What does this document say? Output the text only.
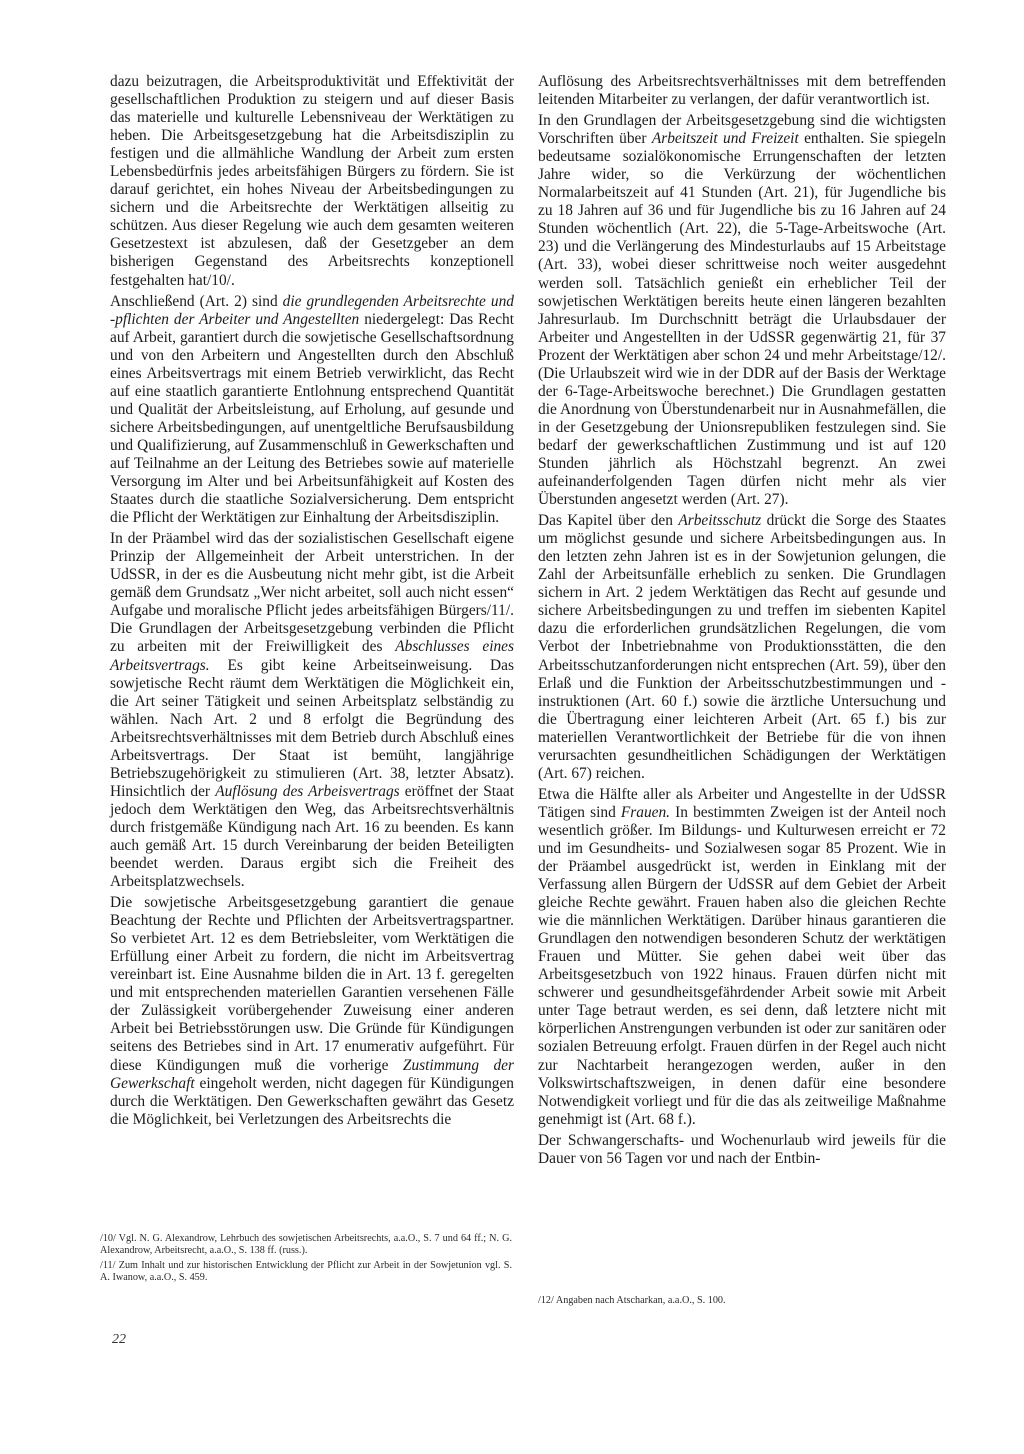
dazu beizutragen, die Arbeitsproduktivität und Effektivität der gesellschaftlichen Produktion zu steigern und auf dieser Basis das materielle und kulturelle Lebensniveau der Werktätigen zu heben. Die Arbeitsgesetzgebung hat die Arbeitsdisziplin zu festigen und die allmähliche Wandlung der Arbeit zum ersten Lebensbedürfnis jedes arbeitsfähigen Bürgers zu fördern. Sie ist darauf gerichtet, ein hohes Niveau der Arbeitsbedingungen zu sichern und die Arbeitsrechte der Werktätigen allseitig zu schützen. Aus dieser Regelung wie auch dem gesamten weiteren Gesetzestext ist abzulesen, daß der Gesetzgeber an dem bisherigen Gegenstand des Arbeitsrechts konzeptionell festgehalten hat/10/.

Anschließend (Art. 2) sind die grundlegenden Arbeitsrechte und -pflichten der Arbeiter und Angestellten niedergelegt: Das Recht auf Arbeit, garantiert durch die sowjetische Gesellschaftsordnung und von den Arbeitern und Angestellten durch den Abschluß eines Arbeitsvertrags mit einem Betrieb verwirklicht, das Recht auf eine staatlich garantierte Entlohnung entsprechend Quantität und Qualität der Arbeitsleistung, auf Erholung, auf gesunde und sichere Arbeitsbedingungen, auf unentgeltliche Berufsausbildung und Qualifizierung, auf Zusammenschluß in Gewerkschaften und auf Teilnahme an der Leitung des Betriebes sowie auf materielle Versorgung im Alter und bei Arbeitsunfähigkeit auf Kosten des Staates durch die staatliche Sozialversicherung. Dem entspricht die Pflicht der Werktätigen zur Einhaltung der Arbeitsdisziplin.

In der Präambel wird das der sozialistischen Gesellschaft eigene Prinzip der Allgemeinheit der Arbeit unterstrichen. In der UdSSR, in der es die Ausbeutung nicht mehr gibt, ist die Arbeit gemäß dem Grundsatz „Wer nicht arbeitet, soll auch nicht essen“ Aufgabe und moralische Pflicht jedes arbeitsfähigen Bürgers/11/. Die Grundlagen der Arbeitsgesetzgebung verbinden die Pflicht zu arbeiten mit der Freiwilligkeit des Abschlusses eines Arbeitsvertrags. Es gibt keine Arbeitseinweisung. Das sowjetische Recht räumt dem Werktätigen die Möglichkeit ein, die Art seiner Tätigkeit und seinen Arbeitsplatz selbständig zu wählen. Nach Art. 2 und 8 erfolgt die Begründung des Arbeitsrechtsverhältnisses mit dem Betrieb durch Abschluß eines Arbeitsvertrags. Der Staat ist bemüht, langjährige Betriebszugehörigkeit zu stimulieren (Art. 38, letzter Absatz). Hinsichtlich der Auflösung des Arbeisvertrags eröffnet der Staat jedoch dem Werktätigen den Weg, das Arbeitsrechtsverhältnis durch fristgemäße Kündigung nach Art. 16 zu beenden. Es kann auch gemäß Art. 15 durch Vereinbarung der beiden Beteiligten beendet werden. Daraus ergibt sich die Freiheit des Arbeitsplatzwechsels.

Die sowjetische Arbeitsgesetzgebung garantiert die genaue Beachtung der Rechte und Pflichten der Arbeitsvertragspartner. So verbietet Art. 12 es dem Betriebsleiter, vom Werktätigen die Erfüllung einer Arbeit zu fordern, die nicht im Arbeitsvertrag vereinbart ist. Eine Ausnahme bilden die in Art. 13 f. geregelten und mit entsprechenden materiellen Garantien versehenen Fälle der Zulässigkeit vorübergehender Zuweisung einer anderen Arbeit bei Betriebsstörungen usw. Die Gründe für Kündigungen seitens des Betriebes sind in Art. 17 enumerativ aufgeführt. Für diese Kündigungen muß die vorherige Zustimmung der Gewerkschaft eingeholt werden, nicht dagegen für Kündigungen durch die Werktätigen. Den Gewerkschaften gewährt das Gesetz die Möglichkeit, bei Verletzungen des Arbeitsrechts die

Auflösung des Arbeitsrechtsverhältnisses mit dem betreffenden leitenden Mitarbeiter zu verlangen, der dafür verantwortlich ist.

In den Grundlagen der Arbeitsgesetzgebung sind die wichtigsten Vorschriften über Arbeitszeit und Freizeit enthalten. Sie spiegeln bedeutsame sozialökonomische Errungenschaften der letzten Jahre wider, so die Verkürzung der wöchentlichen Normalarbeitszeit auf 41 Stunden (Art. 21), für Jugendliche bis zu 18 Jahren auf 36 und für Jugendliche bis zu 16 Jahren auf 24 Stunden wöchentlich (Art. 22), die 5-Tage-Arbeitswoche (Art. 23) und die Verlängerung des Mindesturlaubs auf 15 Arbeitstage (Art. 33), wobei dieser schrittweise noch weiter ausgedehnt werden soll. Tatsächlich genießt ein erheblicher Teil der sowjetischen Werktätigen bereits heute einen längeren bezahlten Jahresurlaub. Im Durchschnitt beträgt die Urlaubsdauer der Arbeiter und Angestellten in der UdSSR gegenwärtig 21, für 37 Prozent der Werktätigen aber schon 24 und mehr Arbeitstage/12/. (Die Urlaubszeit wird wie in der DDR auf der Basis der Werktage der 6-Tage-Arbeitswoche berechnet.) Die Grundlagen gestatten die Anordnung von Überstundenarbeit nur in Ausnahmefällen, die in der Gesetzgebung der Unionsrepubliken festzulegen sind. Sie bedarf der gewerkschaftlichen Zustimmung und ist auf 120 Stunden jährlich als Höchstzahl begrenzt. An zwei aufeinanderfolgenden Tagen dürfen nicht mehr als vier Überstunden angesetzt werden (Art. 27).

Das Kapitel über den Arbeitsschutz drückt die Sorge des Staates um möglichst gesunde und sichere Arbeitsbedingungen aus. In den letzten zehn Jahren ist es in der Sowjetunion gelungen, die Zahl der Arbeitsunfälle erheblich zu senken. Die Grundlagen sichern in Art. 2 jedem Werktätigen das Recht auf gesunde und sichere Arbeitsbedingungen zu und treffen im siebenten Kapitel dazu die erforderlichen grundsätzlichen Regelungen, die vom Verbot der Inbetriebnahme von Produktionsstätten, die den Arbeitsschutzanforderungen nicht entsprechen (Art. 59), über den Erlaß und die Funktion der Arbeitsschutzbestimmungen und -instruktionen (Art. 60 f.) sowie die ärztliche Untersuchung und die Übertragung einer leichteren Arbeit (Art. 65 f.) bis zur materiellen Verantwortlichkeit der Betriebe für die von ihnen verursachten gesundheitlichen Schädigungen der Werktätigen (Art. 67) reichen.

Etwa die Hälfte aller als Arbeiter und Angestellte in der UdSSR Tätigen sind Frauen. In bestimmten Zweigen ist der Anteil noch wesentlich größer. Im Bildungs- und Kulturwesen erreicht er 72 und im Gesundheits- und Sozialwesen sogar 85 Prozent. Wie in der Präambel ausgedrückt ist, werden in Einklang mit der Verfassung allen Bürgern der UdSSR auf dem Gebiet der Arbeit gleiche Rechte gewährt. Frauen haben also die gleichen Rechte wie die männlichen Werktätigen. Darüber hinaus garantieren die Grundlagen den notwendigen besonderen Schutz der werktätigen Frauen und Mütter. Sie gehen dabei weit über das Arbeitsgesetzbuch von 1922 hinaus. Frauen dürfen nicht mit schwerer und gesundheitsgefährdender Arbeit sowie mit Arbeit unter Tage betraut werden, es sei denn, daß letztere nicht mit körperlichen Anstrengungen verbunden ist oder zur sanitären oder sozialen Betreuung erfolgt. Frauen dürfen in der Regel auch nicht zur Nachtarbeit herangezogen werden, außer in den Volkswirtschaftszweigen, in denen dafür eine besondere Notwendigkeit vorliegt und für die das als zeitweilige Maßnahme genehmigt ist (Art. 68 f.).

Der Schwangerschafts- und Wochenurlaub wird jeweils für die Dauer von 56 Tagen vor und nach der Entbin-

/10/ Vgl. N. G. Alexandrow, Lehrbuch des sowjetischen Arbeitsrechts, a.a.O., S. 7 und 64 ff.; N. G. Alexandrow, Arbeitsrecht, a.a.O., S. 138 ff. (russ.).

/11/ Zum Inhalt und zur historischen Entwicklung der Pflicht zur Arbeit in der Sowjetunion vgl. S. A. Iwanow, a.a.O., S. 459.

/12/ Angaben nach Atscharkan, a.a.O., S. 100.

22
